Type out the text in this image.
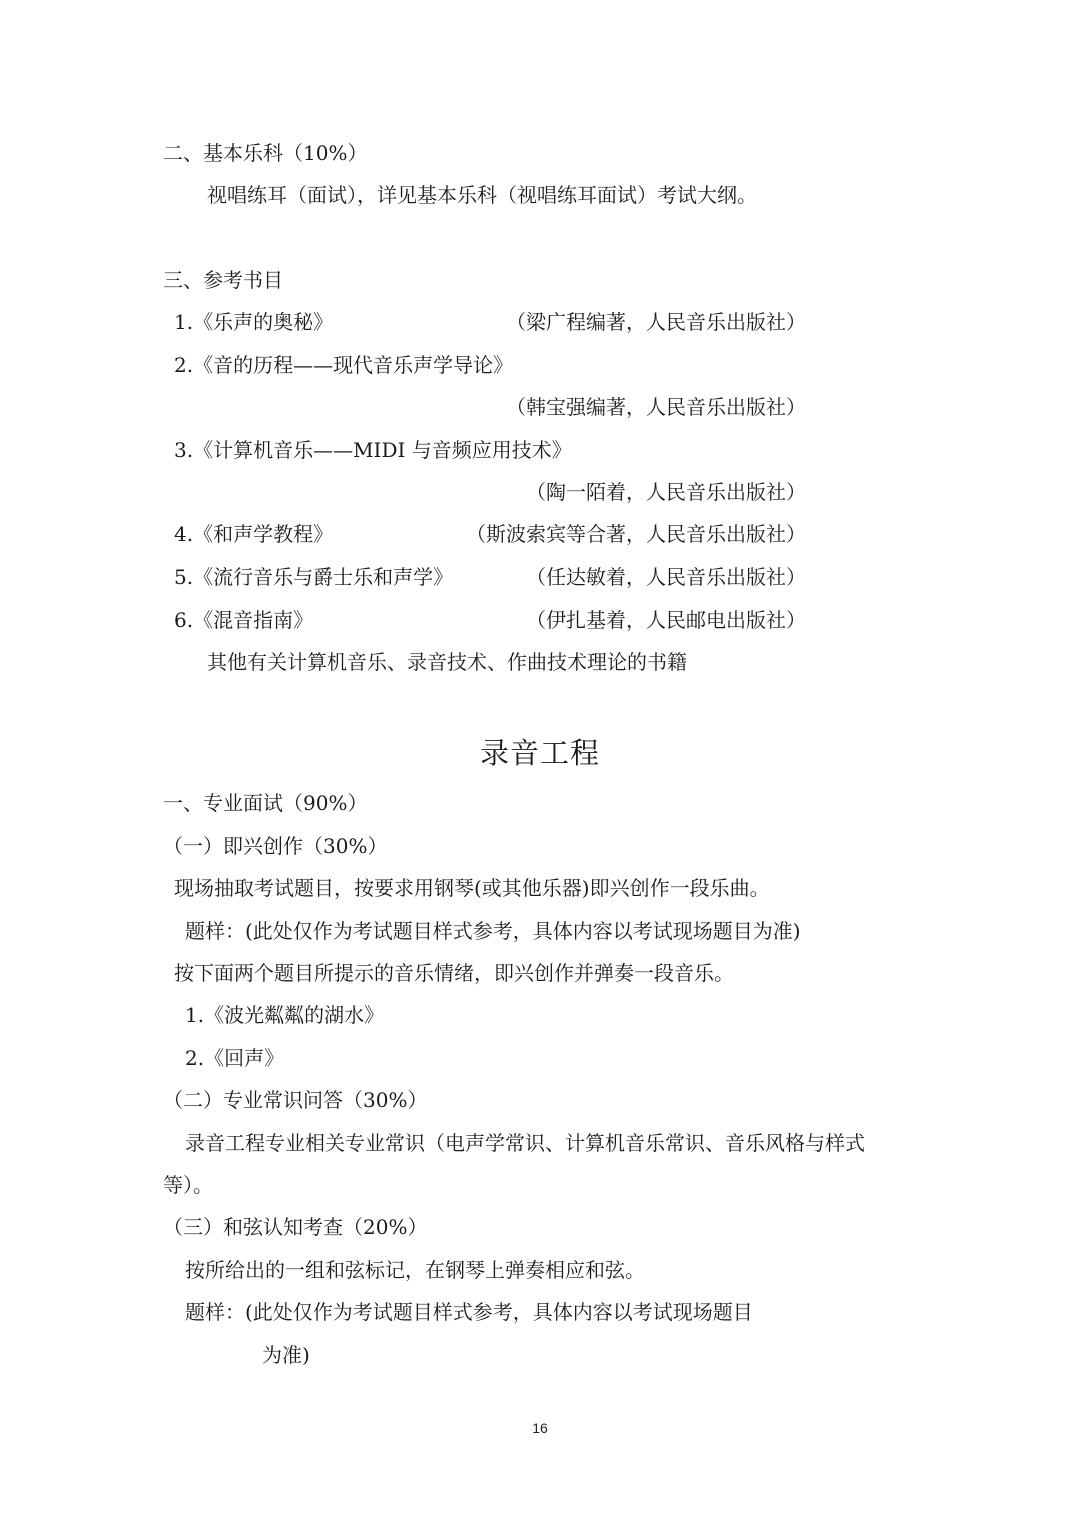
二、基本乐科（10%）
视唱练耳（面试），详见基本乐科（视唱练耳面试）考试大纲。
三、参考书目
1.《乐声的奥秘》	（梁广程编著，人民音乐出版社）
2.《音的历程——现代音乐声学导论》
（韩宝强编著，人民音乐出版社）
3.《计算机音乐——MIDI 与音频应用技术》
（陶一陌着，人民音乐出版社）
4.《和声学教程》	（斯波索宾等合著，人民音乐出版社）
5.《流行音乐与爵士乐和声学》	（任达敏着，人民音乐出版社）
6.《混音指南》	（伊扎基着，人民邮电出版社）
其他有关计算机音乐、录音技术、作曲技术理论的书籍
录音工程
一、专业面试（90%）
（一）即兴创作（30%）
现场抽取考试题目，按要求用钢琴(或其他乐器)即兴创作一段乐曲。
题样：(此处仅作为考试题目样式参考，具体内容以考试现场题目为准)
按下面两个题目所提示的音乐情绪，即兴创作并弹奏一段音乐。
1.《波光粼粼的湖水》
2.《回声》
（二）专业常识问答（30%）
录音工程专业相关专业常识（电声学常识、计算机音乐常识、音乐风格与样式
等）。
（三）和弦认知考查（20%）
按所给出的一组和弦标记，在钢琴上弹奏相应和弦。
题样：(此处仅作为考试题目样式参考，具体内容以考试现场题目
为准)
16
